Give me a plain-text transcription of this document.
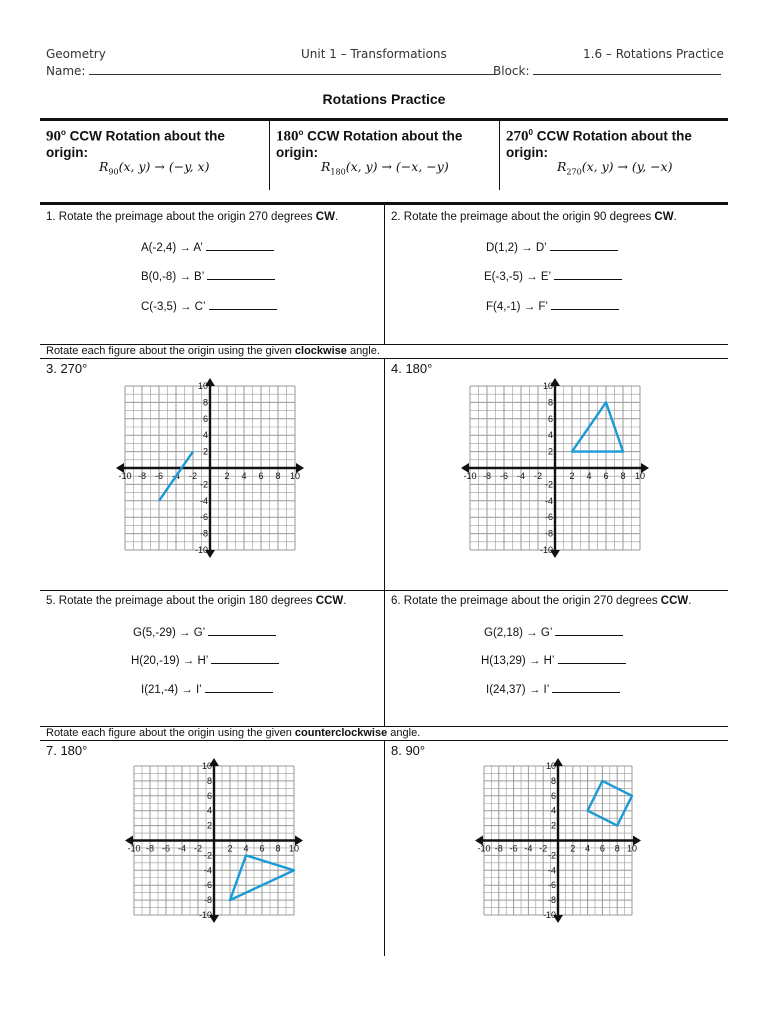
Geometry	Unit 1 – Transformations	1.6 – Rotations Practice
Name:	Block:
Rotations Practice
90$^o$ CCW Rotation about the origin:
$R_{90}(x$, y) → (−y, x)
180$^o$ CCW Rotation about the origin:
$R_{180}(x$, y) → (−x, −y)
$270^0$ CCW Rotation about the origin:
$R_{270}(x$, y) → (y, −x)
1. Rotate the preimage about the origin 270 degrees CW.
A(-2,4) → A’
B(0,-8) → B’
C(-3,5) → C’
2. Rotate the preimage about the origin 90 degrees CW.
D(1,2) → D’
E(-3,-5) → E’
F(4,-1) → F’
Rotate each figure about the origin using the given clockwise angle.
3. 270°	4. 180°
-10 -8 -6 -4 -2	2 4 6 8 10
10
8
6
4
2
-2
-4
-6
-8
-10
-10 -8 -6 -4 -2	2 4 6 8 10
10
8
6
4
2
-2
-4
-6
-8
-10
5. Rotate the preimage about the origin 180 degrees CCW.
G(5,-29) → G’
H(20,-19) → H’
I(21,-4) → I’
6. Rotate the preimage about the origin 270 degrees CCW.
G(2,18) → G’
H(13,29) → H’
I(24,37) → I’
Rotate each figure about the origin using the given counterclockwise angle.
7. 180°	8. 90°
-10 -8 -6 -4 -2	2 4 6 8 10
10
8
6
4
2
-2
-4
-6
-8
-10
-10 -8 -6 -4 -2	2 4 6 8 10
10
8
6
4
2
-2
-4
-6
-8
-10
